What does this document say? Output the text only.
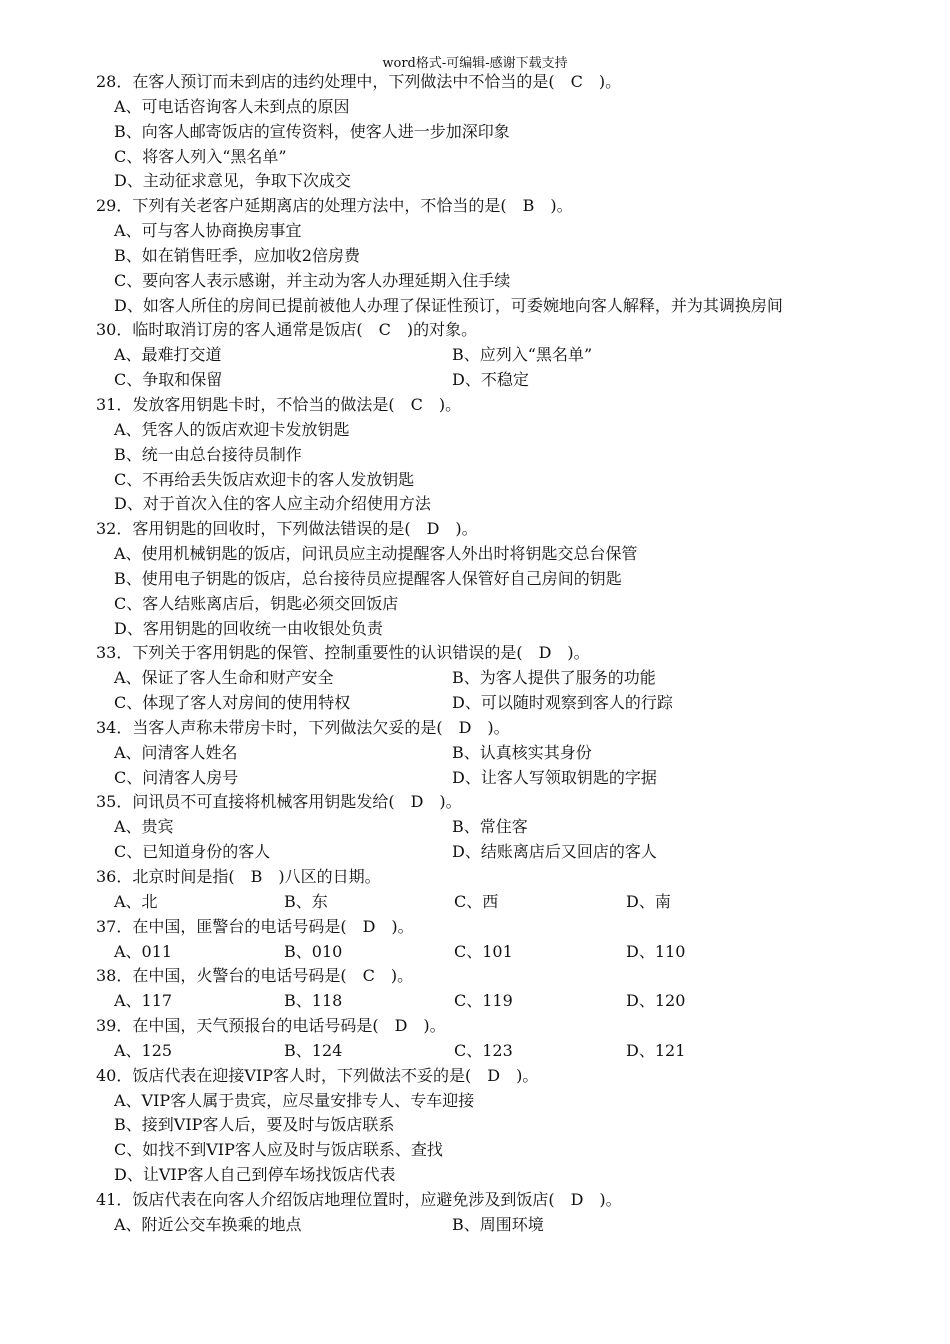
word格式-可编辑-感谢下载支持
28．在客人预订而未到店的违约处理中，下列做法中不恰当的是(　C　)。
A、可电话咨询客人未到点的原因
B、向客人邮寄饭店的宣传资料，使客人进一步加深印象
C、将客人列入“黑名单”
D、主动征求意见，争取下次成交
29．下列有关老客户延期离店的处理方法中，不恰当的是(　B　)。
A、可与客人协商换房事宜
B、如在销售旺季，应加收2倍房费
C、要向客人表示感谢，并主动为客人办理延期入住手续
D、如客人所住的房间已提前被他人办理了保证性预订，可委婉地向客人解释，并为其调换房间
30．临时取消订房的客人通常是饭店(　C　)的对象。
A、最难打交道	B、应列入“黑名单”
C、争取和保留	D、不稳定
31．发放客用钥匙卡时，不恰当的做法是(　C　)。
A、凭客人的饭店欢迎卡发放钥匙
B、统一由总台接待员制作
C、不再给丢失饭店欢迎卡的客人发放钥匙
D、对于首次入住的客人应主动介绍使用方法
32．客用钥匙的回收时，下列做法错误的是(　D　)。
A、使用机械钥匙的饭店，问讯员应主动提醒客人外出时将钥匙交总台保管
B、使用电子钥匙的饭店，总台接待员应提醒客人保管好自己房间的钥匙
C、客人结账离店后，钥匙必须交回饭店
D、客用钥匙的回收统一由收银处负责
33．下列关于客用钥匙的保管、控制重要性的认识错误的是(　D　)。
A、保证了客人生命和财产安全	B、为客人提供了服务的功能
C、体现了客人对房间的使用特权	D、可以随时观察到客人的行踪
34．当客人声称未带房卡时，下列做法欠妥的是(　D　)。
A、问清客人姓名	B、认真核实其身份
C、问清客人房号	D、让客人写领取钥匙的字据
35．问讯员不可直接将机械客用钥匙发给(　D　)。
A、贵宾	B、常住客
C、已知道身份的客人	D、结账离店后又回店的客人
36．北京时间是指(　B　)八区的日期。
A、北	B、东	C、西	D、南
37．在中国，匪警台的电话号码是(　D　)。
A、011	B、010	C、101	D、110
38．在中国，火警台的电话号码是(　C　)。
A、117	B、118	C、119	D、120
39．在中国，天气预报台的电话号码是(　D　)。
A、125	B、124	C、123	D、121
40．饭店代表在迎接VIP客人时，下列做法不妥的是(　D　)。
A、VIP客人属于贵宾，应尽量安排专人、专车迎接
B、接到VIP客人后，要及时与饭店联系
C、如找不到VIP客人应及时与饭店联系、查找
D、让VIP客人自己到停车场找饭店代表
41．饭店代表在向客人介绍饭店地理位置时，应避免涉及到饭店(　D　)。
A、附近公交车换乘的地点	B、周围环境
